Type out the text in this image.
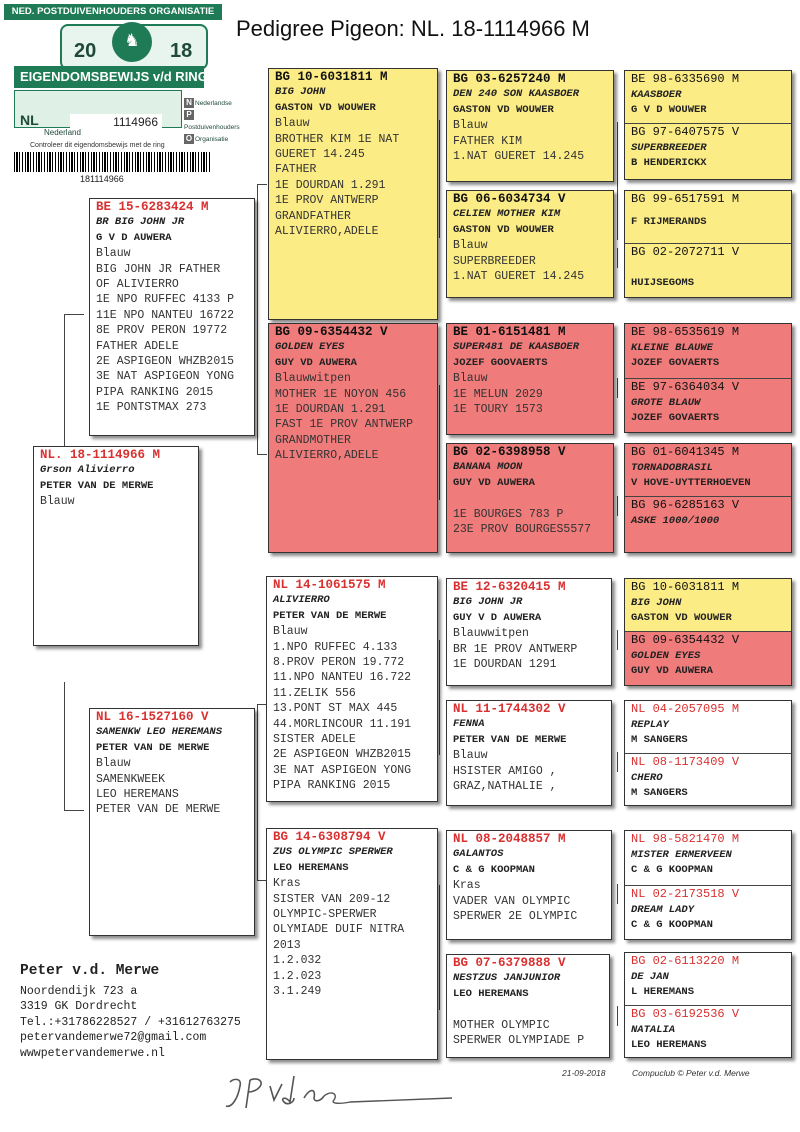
Pedigree Pigeon: NL. 18-1114966 M
NED. POSTDUIVENHOUDERS ORGANISATIE
20	♞	18
EIGENDOMSBEWIJS v/d RING
NL	1114966
Nederland
N Nederlandse
PPostduivenhouders
O Organisatie
Controleer dit eigendomsbewijs met de ring
181114966
NL. 18-1114966 M
Grson Alivierro
PETER VAN DE MERWE
Blauw
BE 15-6283424 M
BR BIG JOHN JR
G V D AUWERA
Blauw
BIG JOHN JR FATHER
OF ALIVIERRO
1E NPO RUFFEC 4133 P
11E NPO NANTEU 16722
8E PROV PERON 19772
FATHER ADELE
2E ASPIGEON WHZB2015
3E NAT ASPIGEON YONG
PIPA RANKING 2015
1E PONTSTMAX 273
NL 16-1527160 V
SAMENKW LEO HEREMANS
PETER VAN DE MERWE
Blauw
SAMENKWEEK
LEO HEREMANS
PETER VAN DE MERWE
BG 10-6031811 M
BIG JOHN
GASTON VD WOUWER
Blauw
BROTHER KIM 1E NAT
GUERET 14.245
FATHER
1E DOURDAN 1.291
1E PROV ANTWERP
GRANDFATHER
ALIVIERRO,ADELE
BG 09-6354432 V
GOLDEN EYES
GUY VD AUWERA
Blauwwitpen
MOTHER 1E NOYON 456
1E DOURDAN 1.291
FAST 1E PROV ANTWERP
GRANDMOTHER
ALIVIERRO,ADELE
NL 14-1061575 M
ALIVIERRO
PETER VAN DE MERWE
Blauw
1.NPO RUFFEC 4.133
8.PROV PERON 19.772
11.NPO NANTEU 16.722
11.ZELIK 556
13.PONT ST MAX 445
44.MORLINCOUR 11.191
SISTER ADELE
2E ASPIGEON WHZB2015
3E NAT ASPIGEON YONG
PIPA RANKING 2015
BG 14-6308794 V
ZUS OLYMPIC SPERWER
LEO HEREMANS
Kras
SISTER VAN 209-12
OLYMPIC-SPERWER
OLYMIADE DUIF NITRA
2013
1.2.032
1.2.023
3.1.249
BG 03-6257240 M
DEN 240 SON KAASBOER
GASTON VD WOUWER
Blauw
FATHER KIM
1.NAT GUERET 14.245
BG 06-6034734 V
CELIEN MOTHER KIM
GASTON VD WOUWER
Blauw
SUPERBREEDER
1.NAT GUERET 14.245
BE 01-6151481 M
SUPER481 DE KAASBOER
JOZEF GOOVAERTS
Blauw
1E MELUN 2029
1E TOURY 1573
BG 02-6398958 V
BANANA MOON
GUY VD AUWERA
1E BOURGES 783 P
23E PROV BOURGES5577
BE 12-6320415 M
BIG JOHN JR
GUY V D AUWERA
Blauwwitpen
BR 1E PROV ANTWERP
1E DOURDAN 1291
NL 11-1744302 V
FENNA
PETER VAN DE MERWE
Blauw
HSISTER AMIGO ,
GRAZ,NATHALIE ,
NL 08-2048857 M
GALANTOS
C & G KOOPMAN
Kras
VADER VAN OLYMPIC
SPERWER 2E OLYMPIC
BG 07-6379888 V
NESTZUS JANJUNIOR
LEO HEREMANS
MOTHER OLYMPIC
SPERWER OLYMPIADE P
BE 98-6335690 M
KAASBOER
G V D WOUWER
BG 97-6407575 V
SUPERBREEDER
B HENDERICKX
BG 99-6517591 M
F RIJMERANDS
BG 02-2072711 V
HUIJSEGOMS
BE 98-6535619 M
KLEINE BLAUWE
JOZEF GOVAERTS
BE 97-6364034 V
GROTE BLAUW
JOZEF GOVAERTS
BG 01-6041345 M
TORNADOBRASIL
V HOVE-UYTTERHOEVEN
BG 96-6285163 V
ASKE 1000/1000
BG 10-6031811 M
BIG JOHN
GASTON VD WOUWER
BG 09-6354432 V
GOLDEN EYES
GUY VD AUWERA
NL 04-2057095 M
REPLAY
M SANGERS
NL 08-1173409 V
CHERO
M SANGERS
NL 98-5821470 M
MISTER ERMERVEEN
C & G KOOPMAN
NL 02-2173518 V
DREAM LADY
C & G KOOPMAN
BG 02-6113220 M
DE JAN
L HEREMANS
BG 03-6192536 V
NATALIA
LEO HEREMANS
Peter v.d. Merwe
Noordendijk 723 a
3319 GK Dordrecht
Tel.:+31786228527 / +31612763275
petervandemerwe72@gmail.com
wwwpetervandemerwe.nl
21-09-2018	Compuclub © Peter v.d. Merwe
